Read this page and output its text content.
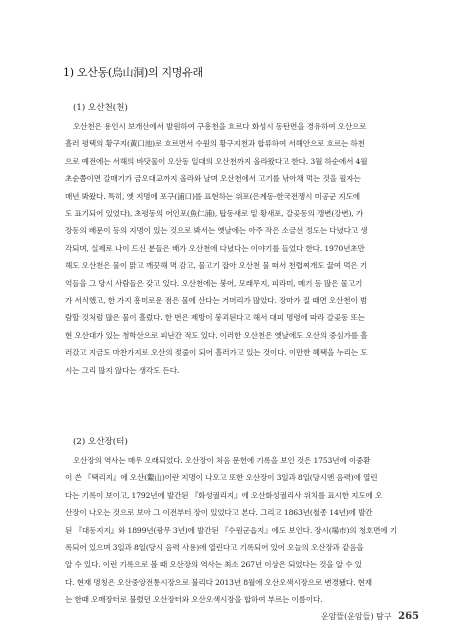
1) 오산동(烏山洞)의 지명유래

(1) 오산천(천)

오산천은 용인시 보개산에서 발원하여 구흥천을 흐르다 화성시 동탄면을 경유하여 오산으로
흘러 평택의 황구지(黃口池)로 흐르면서 수원의 황구지천과 합류하여 서해안으로 흐르는 하천
으로 예전에는 서해의 바닷물이 오산동 일대의 오산천까지 올라왔다고 한다. 3월 하순에서 4월
초순쯤이면 갈매기가 금오대교까지 올라와 날며 오산천에서 고기를 낚아채 먹는 것을 필자는
매년 봐왔다. 특히, 옛 지명에 포구(浦口)를 표현하는 위포(은계동-한국전쟁시 미공군 지도에
도 표기되어 있었다), 초평동의 어인포(魚仁浦), 탑동새로 밑 황새포, 갈곶동의 갱변(강변), 가
장동의 배문이 등의 지명이 있는 것으로 봐서는 옛날에는 아주 작은 소금선 정도는 다녔다고 생
각되며, 실제로 나이 드신 분들은 배가 오산천에 다녔다는 이야기를 들었다 한다. 1970년초만
해도 오산천은 물이 맑고 깨끗해 멱 감고, 물고기 잡아 오산천 물 떠서 천렵찌개도 끓여 먹은 기
억들을 그 당시 사람들은 갖고 있다. 오산천에는 붕어, 모래무지, 피라미, 메기 등 많은 물고기
가 서식했고, 한 가지 흥미로운 점은 물에 산다는 거머리가 많았다. 장마가 질 때면 오산천이 범
람할 것처럼 많은 물이 흘렀다. 한 번은 제방이 붕괴된다고 해서 대피 명령에 따라 갈곶동 또는
현 오산대가 있는 청학산으로 피난간 적도 있다. 이러한 오산천은 옛날에도 오산의 중심가를 흘
러갔고 지금도 마찬가지로 오산의 젖줄이 되어 흘러가고 있는 것이다. 이만한 혜택을 누리는 도
시는 그리 많지 않다는 생각도 든다.

(2) 오산장(터)

오산장의 역사는 매우 오래되었다. 오산장이 처음 문헌에 기록을 보인 것은 1753년에 이중환
이 쓴 『택리지』에 오산(鰲山)이란 지명이 나오고 또한 오산장이 3일과 8일(당시엔 음력)에 열린
다는 기록이 보이고, 1792년에 발간된 『화성궐리지』에 오산화성궐리사 위치를 표시한 지도에 오
산장이 나오는 것으로 보아 그 이전부터 장이 있었다고 본다. 그리고 1863년(철종 14년)에 발간
된 『대동지지』와 1899년(광무 3년)에 발간된 『수원군읍지』에도 보인다. 장시(場市)의 청호면에 기
록되어 있으며 3일과 8일(당시 음력 사용)에 열린다고 기록되어 있어 오늘의 오산장과 같음을
알 수 있다. 이런 기록으로 볼 때 오산장의 역사는 최소 267년 이상은 되었다는 것을 알 수 있
다. 현재 명칭은 오산중앙전통시장으로 불리다 2013년 8월에 오산오색시장으로 변경됐다. 현재
는 한때 오매장터로 불렸던 오산장터와 오산오색시장을 합하여 부르는 이름이다.

운암뜰(운암들) 탐구 265
